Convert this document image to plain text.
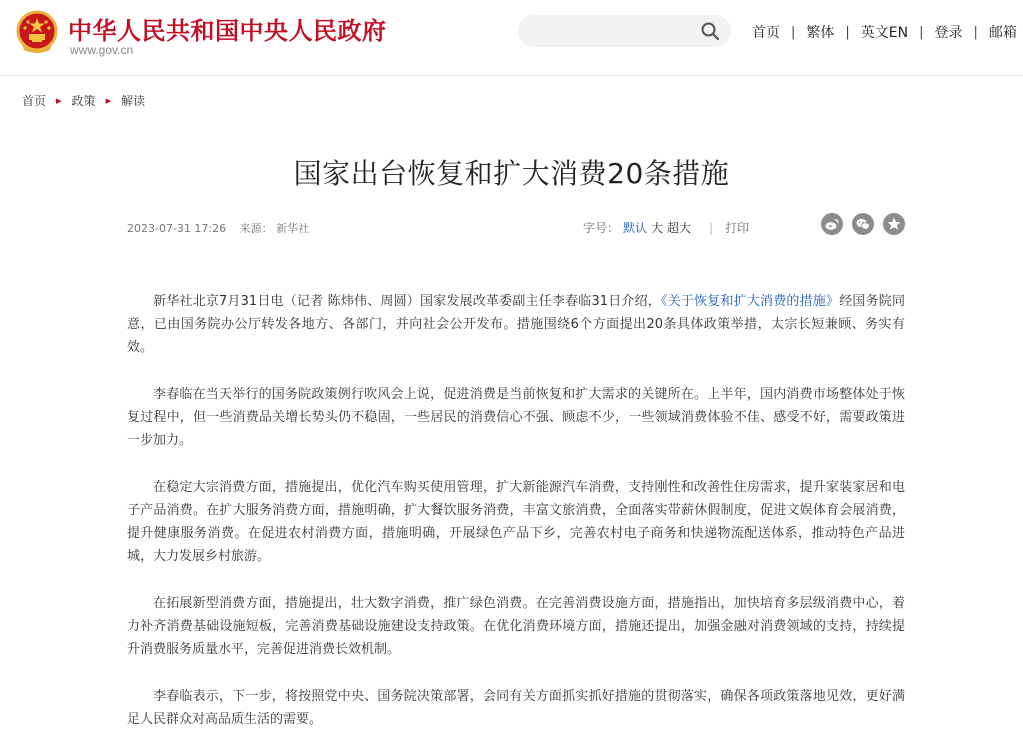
中华人民共和国中央人民政府
www.gov.cn
首页 | 繁体 | 英文EN | 登录 | 邮箱
首页 ▸ 政策 ▸ 解读
国家出台恢复和扩大消费20条措施
2023-07-31 17:26 来源： 新华社	字号： 默认 大 超大 | 打印

新华社北京7月31日电（记者 陈炜伟、周圆）国家发展改革委副主任李春临31日介绍，《关于恢复和扩大消费的措施》经国务院同意，已由国务院办公厅转发各地方、各部门，并向社会公开发布。措施围绕6个方面提出20条具体政策举措，太宗长短兼顾、务实有效。

李春临在当天举行的国务院政策例行吹风会上说，促进消费是当前恢复和扩大需求的关键所在。上半年，国内消费市场整体处于恢复过程中，但一些消费品关增长势头仍不稳固，一些居民的消费信心不强、顾虑不少，一些领域消费体验不佳、感受不好，需要政策进一步加力。

在稳定大宗消费方面，措施提出，优化汽车购买使用管理，扩大新能源汽车消费，支持刚性和改善性住房需求，提升家装家居和电子产品消费。在扩大服务消费方面，措施明确，扩大餐饮服务消费，丰富文旅消费，全面落实带薪休假制度，促进文娱体育会展消费，提升健康服务消费。在促进农村消费方面，措施明确，开展绿色产品下乡，完善农村电子商务和快递物流配送体系，推动特色产品进城，大力发展乡村旅游。

在拓展新型消费方面，措施提出，壮大数字消费，推广绿色消费。在完善消费设施方面，措施指出，加快培育多层级消费中心，着力补齐消费基础设施短板，完善消费基础设施建设支持政策。在优化消费环境方面，措施还提出，加强金融对消费领域的支持，持续提升消费服务质量水平，完善促进消费长效机制。

李春临表示，下一步，将按照党中央、国务院决策部署，会同有关方面抓实抓好措施的贯彻落实，确保各项政策落地见效，更好满足人民群众对高品质生活的需要。
